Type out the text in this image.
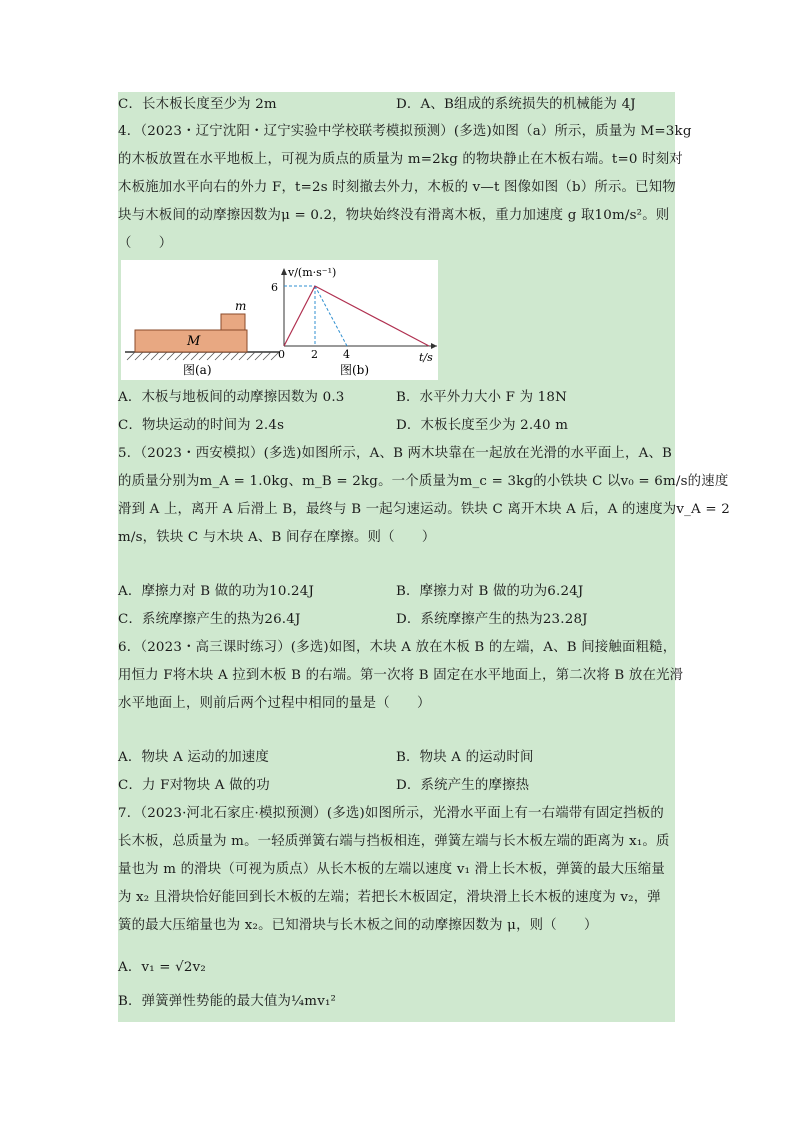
C．长木板长度至少为 2m	D．A、B组成的系统损失的机械能为 4J
4．（2023・辽宁沈阳・辽宁实验中学校联考模拟预测）(多选)如图（a）所示，质量为 M=3kg
的木板放置在水平地板上，可视为质点的质量为 m=2kg 的物块静止在木板右端。t=0 时刻对
木板施加水平向右的外力 F，t=2s 时刻撤去外力，木板的 v—t 图像如图（b）所示。已知物
块与木板间的动摩擦因数为μ = 0.2，物块始终没有滑离木板，重力加速度 g 取10m/s²。则
（　　）
M
m
图(a)
v/(m·s⁻¹)
t/s
6
0 2 4
图(b)
A．木板与地板间的动摩擦因数为 0.3	B．水平外力大小 F 为 18N
C．物块运动的时间为 2.4s	D．木板长度至少为 2.40 m
5．（2023・西安模拟）(多选)如图所示，A、B 两木块靠在一起放在光滑的水平面上，A、B
的质量分别为m_A = 1.0kg、m_B = 2kg。一个质量为m_c = 3kg的小铁块 C 以v₀ = 6m/s的速度
滑到 A 上，离开 A 后滑上 B，最终与 B 一起匀速运动。铁块 C 离开木块 A 后，A 的速度为v_A = 2
m/s，铁块 C 与木块 A、B 间存在摩擦。则（　　）
A．摩擦力对 B 做的功为10.24J	B．摩擦力对 B 做的功为6.24J
C．系统摩擦产生的热为26.4J	D．系统摩擦产生的热为23.28J
6．（2023・高三课时练习）(多选)如图，木块 A 放在木板 B 的左端，A、B 间接触面粗糙，
用恒力 F将木块 A 拉到木板 B 的右端。第一次将 B 固定在水平地面上，第二次将 B 放在光滑
水平地面上，则前后两个过程中相同的量是（　　）
A．物块 A 运动的加速度	B．物块 A 的运动时间
C．力 F对物块 A 做的功	D．系统产生的摩擦热
7．（2023·河北石家庄·模拟预测）(多选)如图所示，光滑水平面上有一右端带有固定挡板的
长木板，总质量为 m。一轻质弹簧右端与挡板相连，弹簧左端与长木板左端的距离为 x₁。质
量也为 m 的滑块（可视为质点）从长木板的左端以速度 v₁ 滑上长木板，弹簧的最大压缩量
为 x₂ 且滑块恰好能回到长木板的左端；若把长木板固定，滑块滑上长木板的速度为 v₂，弹
簧的最大压缩量也为 x₂。已知滑块与长木板之间的动摩擦因数为 μ，则（　　）
A．v₁ = √2v₂
B．弹簧弹性势能的最大值为¼mv₁²
